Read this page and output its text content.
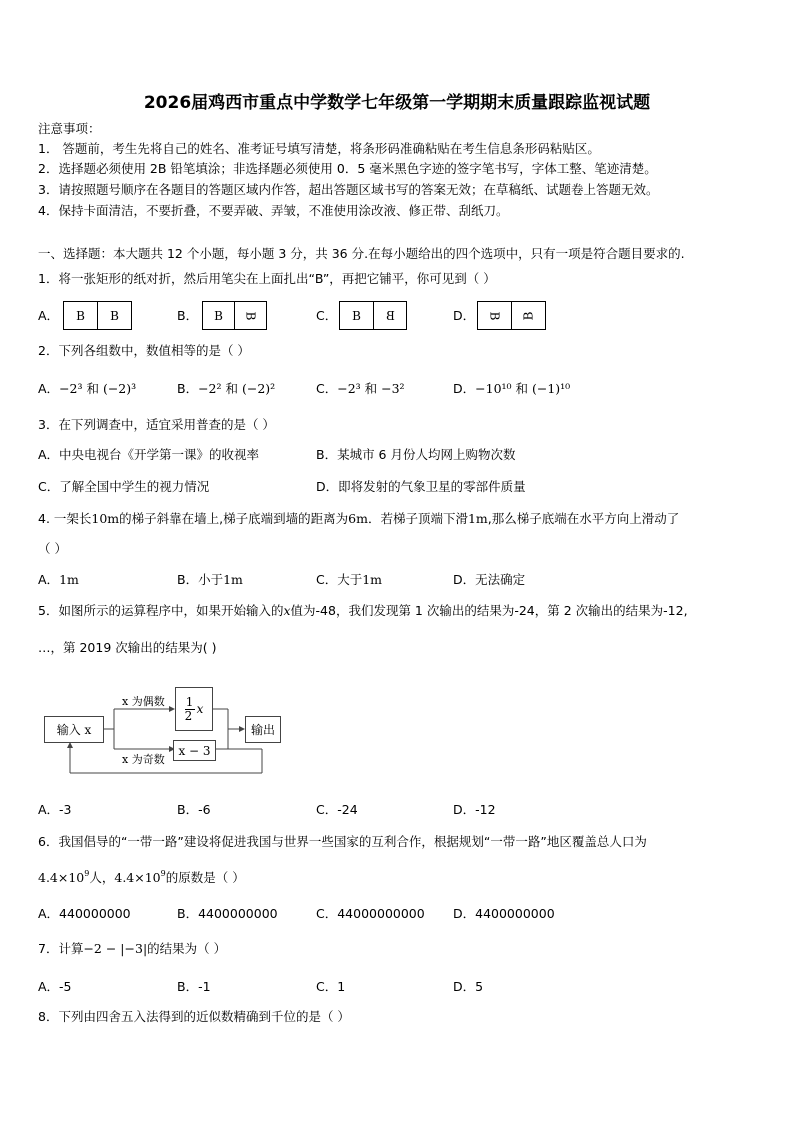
2026届鸡西市重点中学数学七年级第一学期期末质量跟踪监视试题
注意事项：
1． 答题前，考生先将自己的姓名、准考证号填写清楚，将条形码准确粘贴在考生信息条形码粘贴区。
2．选择题必须使用 2B 铅笔填涂；非选择题必须使用 0．5 毫米黑色字迹的签字笔书写，字体工整、笔迹清楚。
3．请按照题号顺序在各题目的答题区域内作答，超出答题区域书写的答案无效；在草稿纸、试题卷上答题无效。
4．保持卡面清洁，不要折叠，不要弄破、弄皱，不准使用涂改液、修正带、刮纸刀。
一、选择题：本大题共 12 个小题，每小题 3 分，共 36 分.在每小题给出的四个选项中，只有一项是符合题目要求的.
1．将一张矩形的纸对折，然后用笔尖在上面扎出“B”，再把它铺平，你可见到（ ）
A．	B	B	B．	B	B	C．	B	B	D． B B
2．下列各组数中，数值相等的是（ ）
A．−2³ 和 (−2)³	B．−2² 和 (−2)²	C．−2³ 和 −3²	D．−10¹⁰ 和 (−1)¹⁰
3．在下列调查中，适宜采用普查的是（ ）
A．中央电视台《开学第一课》的收视率	B．某城市 6 月份人均网上购物次数
C．了解全国中学生的视力情况	D．即将发射的气象卫星的零部件质量
4. 一架长10m的梯子斜靠在墙上,梯子底端到墙的距离为6m．若梯子顶端下滑1m,那么梯子底端在水平方向上滑动了
（ ）
A．1m	B．小于1m	C．大于1m	D．无法确定
5．如图所示的运算程序中，如果开始输入的x值为-48，我们发现第 1 次输出的结果为-24，第 2 次输出的结果为-12,
…，第 2019 次输出的结果为( )
输入 x
x 为偶数 $\frac{1}{2}$ x
x 为奇数
x − 3
输出
A．-3	B．-6	C．-24	D．-12
6．我国倡导的“一带一路”建设将促进我国与世界一些国家的互利合作，根据规划“一带一路”地区覆盖总人口为
$4.4\times 10^9$人，$4.4\times 10^9$的原数是（ ）
A．440000000	B．4400000000	C．44000000000 D．4400000000
7．计算−2 − |−3|的结果为（ ）
A．-5	B．-1	C．1	D．5
8．下列由四舍五入法得到的近似数精确到千位的是（ ）
